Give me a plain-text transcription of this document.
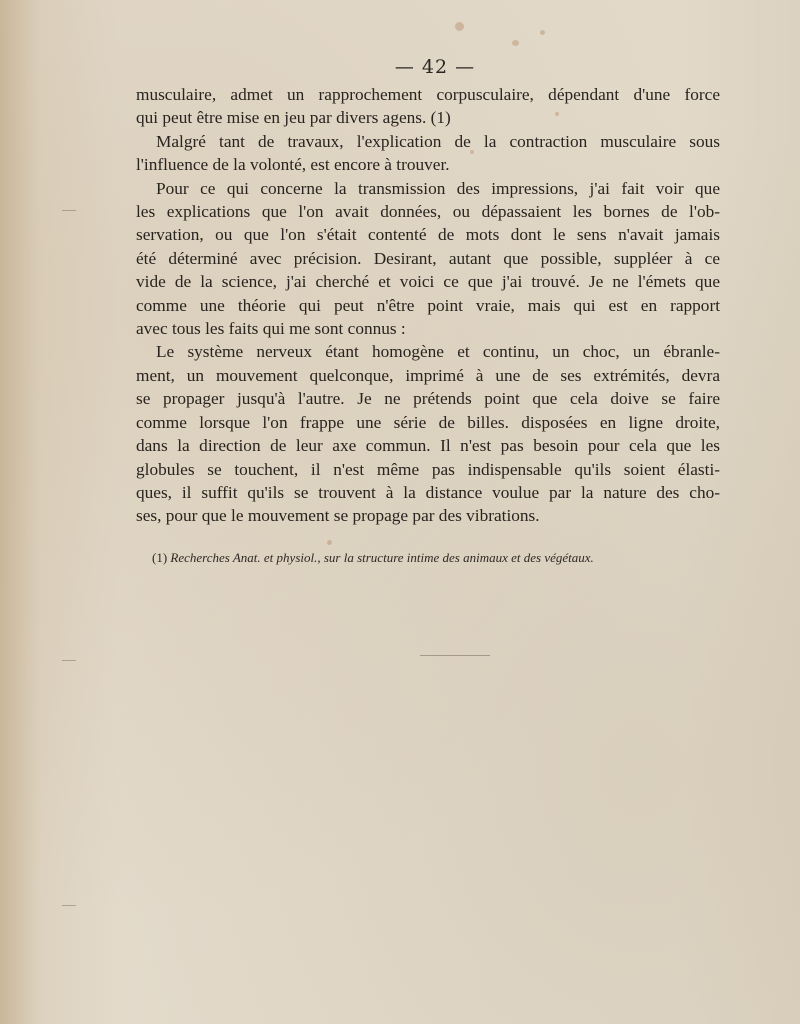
— 42 —
musculaire, admet un rapprochement corpusculaire, dépendant d'une force
qui peut être mise en jeu par divers agens. (1)
Malgré tant de travaux, l'explication de la contraction musculaire sous
l'influence de la volonté, est encore à trouver.
Pour ce qui concerne la transmission des impressions, j'ai fait voir que
les explications que l'on avait données, ou dépassaient les bornes de l'ob-
servation, ou que l'on s'était contenté de mots dont le sens n'avait jamais
été déterminé avec précision. Desirant, autant que possible, suppléer à ce
vide de la science, j'ai cherché et voici ce que j'ai trouvé. Je ne l'émets que
comme une théorie qui peut n'être point vraie, mais qui est en rapport
avec tous les faits qui me sont connus :
Le système nerveux étant homogène et continu, un choc, un ébranle-
ment, un mouvement quelconque, imprimé à une de ses extrémités, devra
se propager jusqu'à l'autre. Je ne prétends point que cela doive se faire
comme lorsque l'on frappe une série de billes. disposées en ligne droite,
dans la direction de leur axe commun. Il n'est pas besoin pour cela que les
globules se touchent, il n'est même pas indispensable qu'ils soient élasti-
ques, il suffit qu'ils se trouvent à la distance voulue par la nature des cho-
ses, pour que le mouvement se propage par des vibrations.
(1) Recherches Anat. et physiol., sur la structure intime des animaux et des végétaux.
